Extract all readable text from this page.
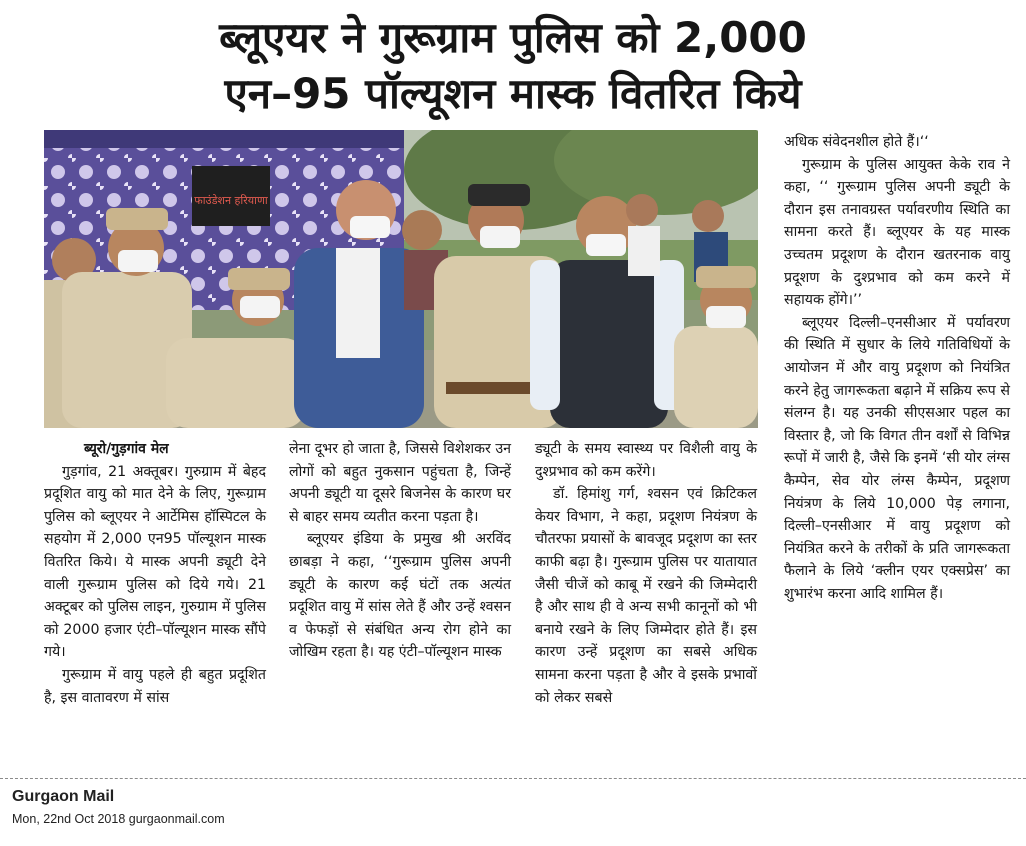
ब्लूएयर ने गुरूग्राम पुलिस को 2,000
एन–95 पॉल्यूशन मास्क वितरित किये
फाउंडेशन हरियाणा

ब्यूरो/गुड़गांव मेल

गुड़गांव, 21 अक्तूबर। गुरुग्राम में बेहद प्रदूशित वायु को मात देने के लिए, गुरूग्राम पुलिस को ब्लूएयर ने आर्टेमिस हॉस्पिटल के सहयोग में 2,000 एन95 पॉल्यूशन मास्क वितरित किये। ये मास्क अपनी ड्यूटी देने वाली गुरूग्राम पुलिस को दिये गये। 21 अक्टूबर को पुलिस लाइन, गुरुग्राम में पुलिस को 2000 हजार एंटी–पॉल्यूशन मास्क सौंपे गये।

गुरूग्राम में वायु पहले ही बहुत प्रदूशित है, इस वातावरण में सांस

लेना दूभर हो जाता है, जिससे विशेशकर उन लोगों को बहुत नुकसान पहुंचता है, जिन्हें अपनी ड्यूटी या दूसरे बिजनेस के कारण घर से बाहर समय व्यतीत करना पड़ता है।

ब्लूएयर इंडिया के प्रमुख श्री अरविंद छाबड़ा ने कहा, ‘‘गुरूग्राम पुलिस अपनी ड्यूटी के कारण कई घंटों तक अत्यंत प्रदूशित वायु में सांस लेते हैं और उन्हें श्वसन व फेफड़ों से संबंधित अन्य रोग होने का जोखिम रहता है। यह एंटी–पॉल्यूशन मास्क

ड्यूटी के समय स्वास्थ्य पर विशैली वायु के दुश्प्रभाव को कम करेंगे।

डॉ. हिमांशु गर्ग, श्वसन एवं क्रिटिकल केयर विभाग, ने कहा, प्रदूशण नियंत्रण के चौतरफा प्रयासों के बावजूद प्रदूशण का स्तर काफी बढ़ा है। गुरूग्राम पुलिस पर यातायात जैसी चीजें को काबू में रखने की जिम्मेदारी है और साथ ही वे अन्य सभी कानूनों को भी बनाये रखने के लिए जिम्मेदार होते हैं। इस कारण उन्हें प्रदूशण का सबसे अधिक सामना करना पड़ता है और वे इसके प्रभावों को लेकर सबसे

अधिक संवेदनशील होते हैं।‘‘

गुरूग्राम के पुलिस आयुक्त केके राव ने कहा, ‘‘ गुरूग्राम पुलिस अपनी ड्यूटी के दौरान इस तनावग्रस्त पर्यावरणीय स्थिति का सामना करते हैं। ब्लूएयर के यह मास्क उच्चतम प्रदूशण के दौरान खतरनाक वायु प्रदूशण के दुश्प्रभाव को कम करने में सहायक होंगे।’’

ब्लूएयर दिल्ली–एनसीआर में पर्यावरण की स्थिति में सुधार के लिये गतिविधियों के आयोजन में और वायु प्रदूशण को नियंत्रित करने हेतु जागरूकता बढ़ाने में सक्रिय रूप से संलग्न है। यह उनकी सीएसआर पहल का विस्तार है, जो कि विगत तीन वर्शों से विभिन्न रूपों में जारी है, जैसे कि इनमें ‘सी योर लंग्स कैम्पेन, सेव योर लंग्स कैम्पेन, प्रदूशण नियंत्रण के लिये 10,000 पेड़ लगाना, दिल्ली–एनसीआर में वायु प्रदूशण को नियंत्रित करने के तरीकों के प्रति जागरूकता फैलाने के लिये ‘क्लीन एयर एक्सप्रेस’ का शुभारंभ करना आदि शामिल हैं।

Gurgaon Mail
Mon, 22nd Oct 2018 gurgaonmail.com
